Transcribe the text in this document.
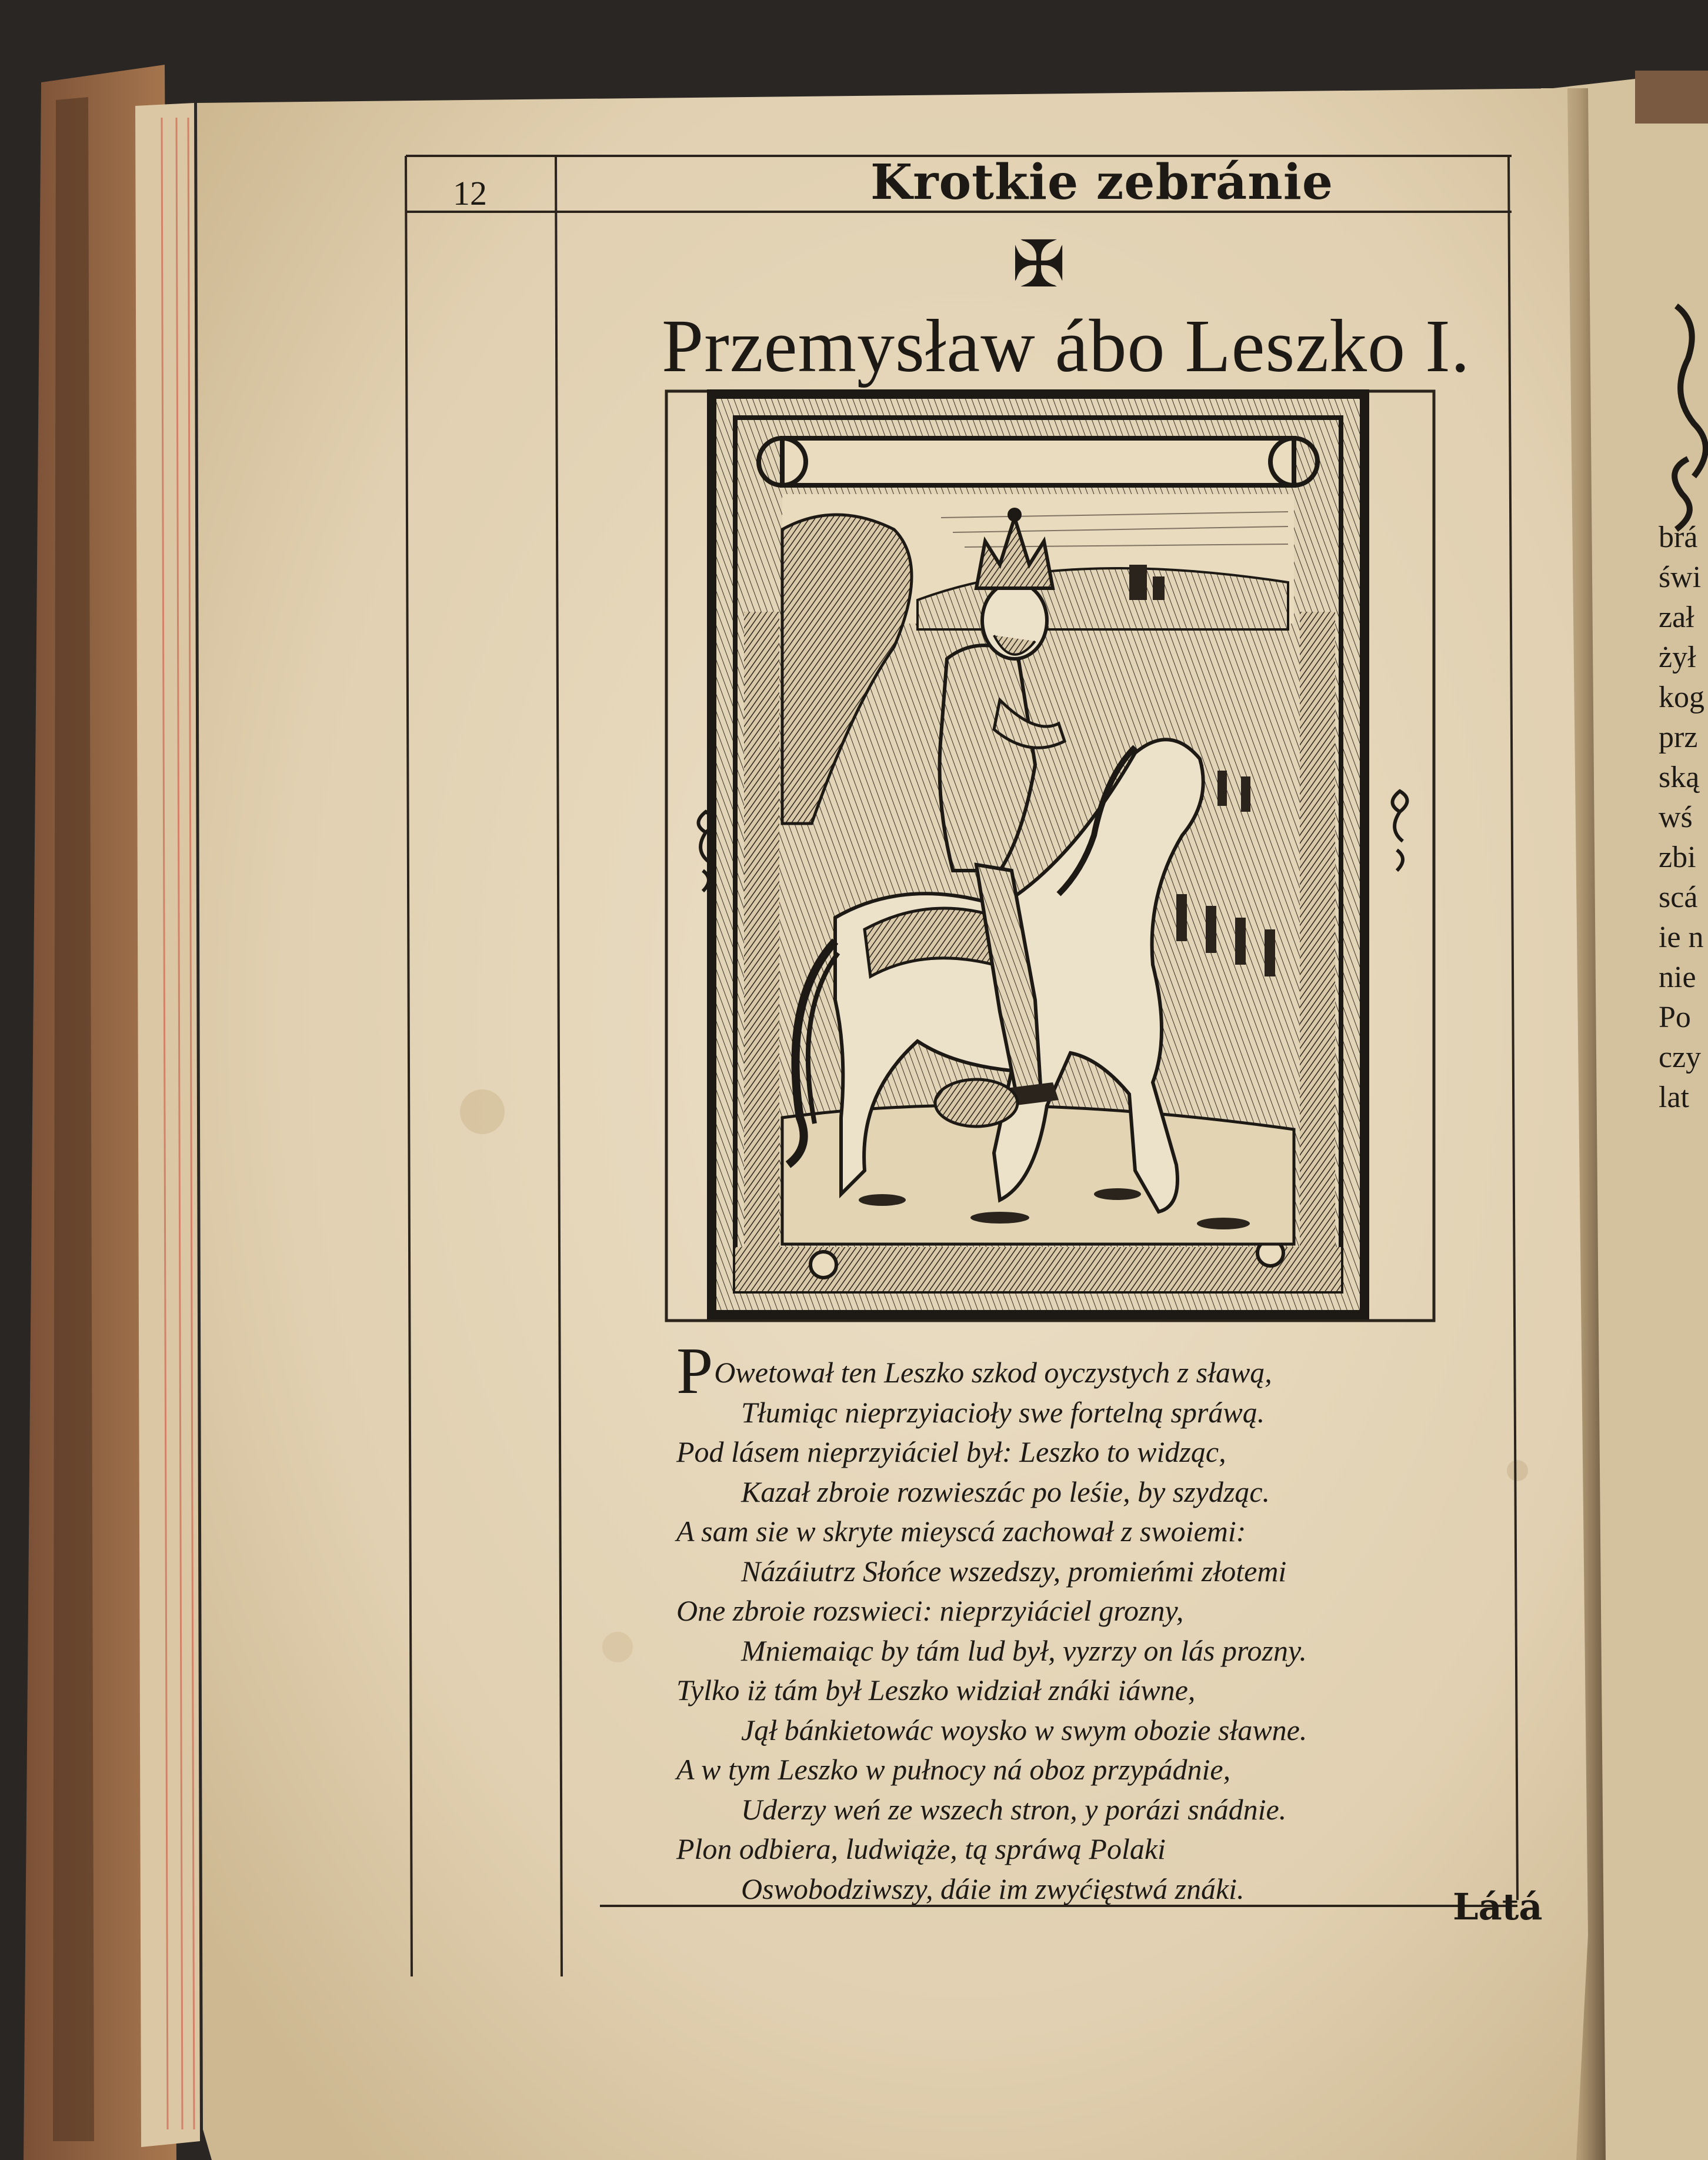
12	Krotkie zebránie
✠
Przemysław ábo Leszko I.
POwetował ten Leszko szkod oyczystych z sławą,
Tłumiąc nieprzyiacioły swe fortelną spráwą.
Pod lásem nieprzyiáciel był: Leszko to widząc,
Kazał zbroie rozwieszác po leśie, by szydząc.
A sam sie w skryte mieyscá zachował z swoiemi:
Názáiutrz Słońce wszedszy, promieńmi złotemi
One zbroie rozswieci: nieprzyiáciel grozny,
Mniemaiąc by tám lud był, vyzrzy on lás prozny.
Tylko iż tám był Leszko widział znáki iáwne,
Jął bánkietowác woysko w swym obozie sławne.
A w tym Leszko w pułnocy ná oboz przypádnie,
Uderzy weń ze wszech stron, y porázi snádnie.
Plon odbiera, ludwiąże, tą spráwą Polaki
Oswobodziwszy, dáie im zwyćięstwá znáki.	Látá
brá
świ
zał
żył
kog
prz
ską
wś
zbi
scá
ie n
nie
Po
czy
lat
